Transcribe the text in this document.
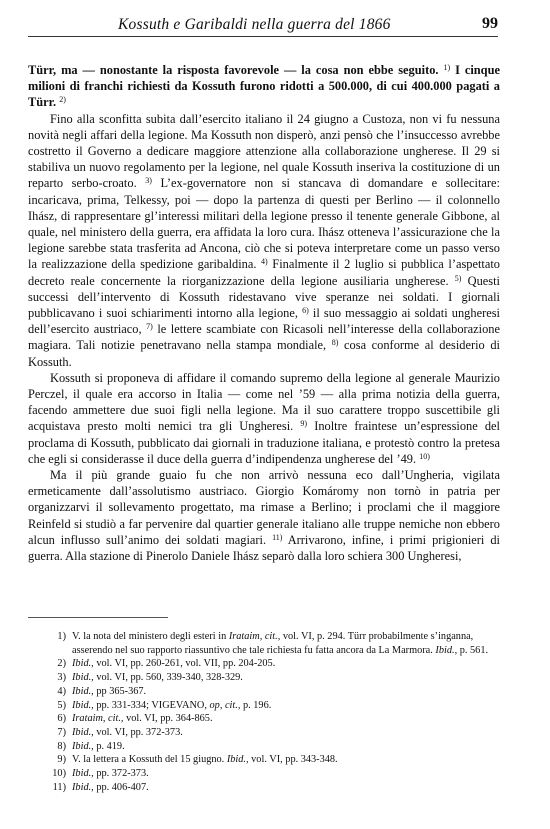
Kossuth e Garibaldi nella guerra del 1866	99

Türr, ma — nonostante la risposta favorevole — la cosa non ebbe seguito. $^{1)}$ I cinque milioni di franchi richiesti da Kossuth furono ridotti a 500.000, di cui 400.000 pagati a Türr. $^{2)}$

Fino alla sconfitta subita dall’esercito italiano il 24 giugno a Custoza, non vi fu nessuna novità negli affari della legione. Ma Kossuth non disperò, anzi pensò che l’insuccesso avrebbe costretto il Governo a dedicare maggiore attenzione alla collaborazione ungherese. Il 29 si stabiliva un nuovo regolamento per la legione, nel quale Kossuth inseriva la costituzione di un reparto serbo-croato. $^{3)}$ L’ex-governatore non si stancava di domandare e sollecitare: incaricava, prima, Telkessy, poi — dopo la partenza di questi per Berlino — il colonnello Ihász, di rappresentare gl’interessi militari della legione presso il tenente generale Gibbone, al quale, nel ministero della guerra, era affidata la loro cura. Ihász otteneva l’assicurazione che la legione sarebbe stata trasferita ad Ancona, ciò che si poteva interpretare come un passo verso la realizzazione della spedizione garibaldina. $^{4)}$ Finalmente il 2 luglio si pubblica l’aspettato decreto reale concernente la riorganizzazione della legione ausiliaria ungherese. $^{5)}$ Questi successi dell’intervento di Kossuth ridestavano vive speranze nei soldati. I giornali pubblicavano i suoi schiarimenti intorno alla legione, $^{6)}$ il suo messaggio ai soldati ungheresi dell’esercito austriaco, $^{7)}$ le lettere scambiate con Ricasoli nell’interesse della collaborazione magiara. Tali notizie penetravano nella stampa mondiale, $^{8)}$ cosa conforme al desiderio di Kossuth.

Kossuth si proponeva di affidare il comando supremo della legione al generale Maurizio Perczel, il quale era accorso in Italia — come nel ’59 — alla prima notizia della guerra, facendo ammettere due suoi figli nella legione. Ma il suo carattere troppo suscettibile gli acquistava presto molti nemici tra gli Ungheresi. $^{9)}$ Inoltre fraintese un’espressione del proclama di Kossuth, pubblicato dai giornali in traduzione italiana, e protestò contro la pretesa che egli si considerasse il duce della guerra d’indipendenza ungherese del ’49. $^{10)}$

Ma il più grande guaio fu che non arrivò nessuna eco dall’Ungheria, vigilata ermeticamente dall’assolutismo austriaco. Giorgio Komáromy non tornò in patria per organizzarvi il sollevamento progettato, ma rimase a Berlino; i proclami che il maggiore Reinfeld si studiò a far pervenire dal quartier generale italiano alle truppe nemiche non ebbero alcun influsso sull’animo dei soldati magiari. $^{11)}$ Arrivarono, infine, i primi prigionieri di guerra. Alla stazione di Pinerolo Daniele Ihász separò dalla loro schiera 300 Ungheresi,

1) V. la nota del ministero degli esteri in Irataim, cit., vol. VI, p. 294. Türr probabilmente s’inganna, asserendo nel suo rapporto riassuntivo che tale richiesta fu fatta ancora da La Marmora. Ibid., p. 561.
2) Ibid., vol. VI, pp. 260-261, vol. VII, pp. 204-205.
3) Ibid., vol. VI, pp. 560, 339-340, 328-329.
4) Ibid., pp 365-367.
5) Ibid., pp. 331-334; VIGEVANO, op, cit., p. 196.
6) Irataim, cit., vol. VI, pp. 364-865.
7) Ibid., vol. VI, pp. 372-373.
8) Ibid., p. 419.
9) V. la lettera a Kossuth del 15 giugno. Ibid., vol. VI, pp. 343-348.
10) Ibid., pp. 372-373.
11) Ibid., pp. 406-407.
